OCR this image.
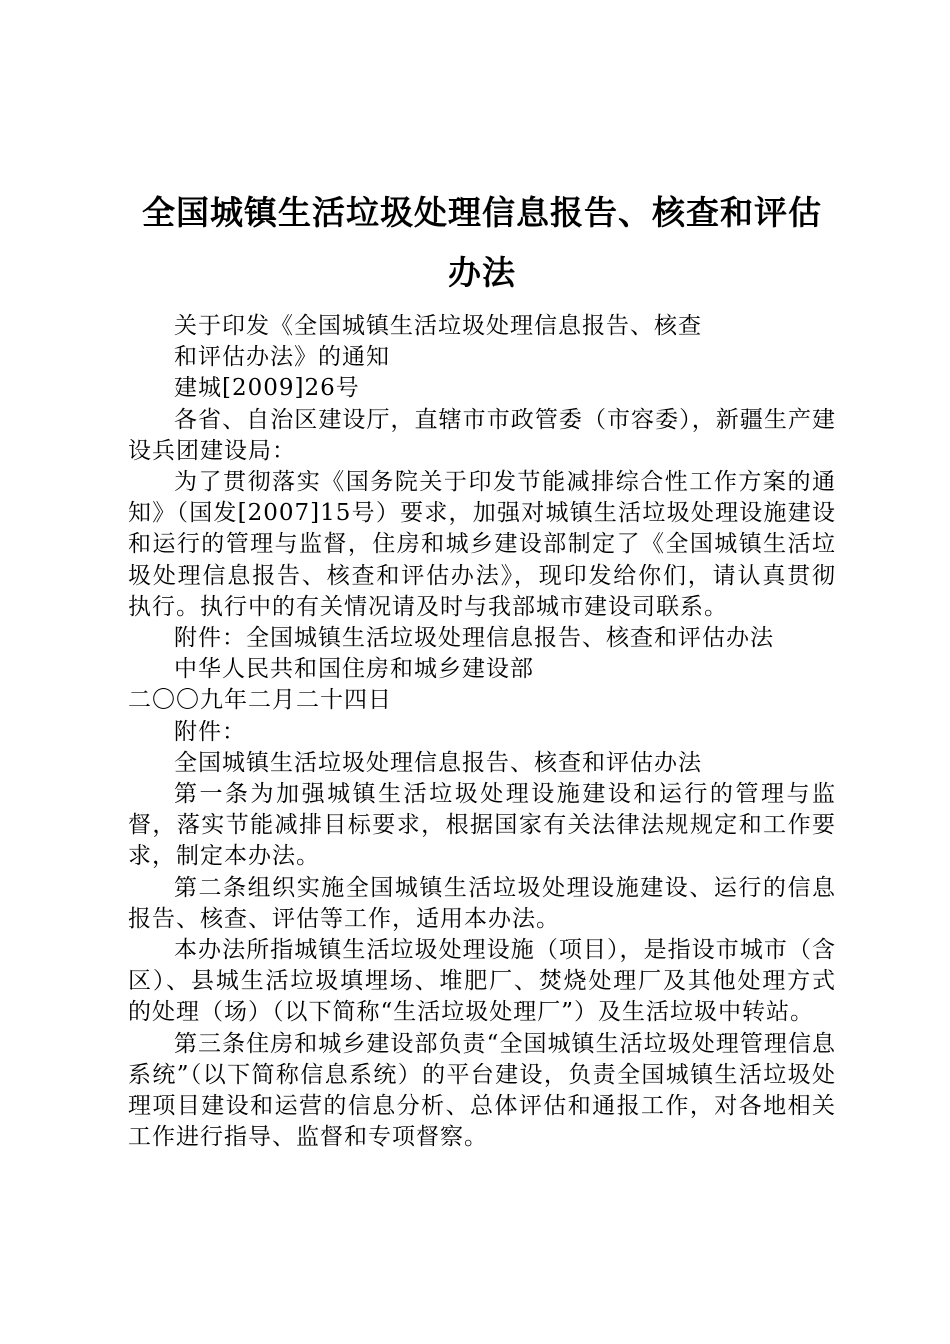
全国城镇生活垃圾处理信息报告、核查和评估办法

关于印发《全国城镇生活垃圾处理信息报告、核查

和评估办法》的通知

建城[2009]26号

各省、自治区建设厅，直辖市市政管委（市容委），新疆生产建设兵团建设局：

为了贯彻落实《国务院关于印发节能减排综合性工作方案的通知》（国发[2007]15号）要求，加强对城镇生活垃圾处理设施建设和运行的管理与监督，住房和城乡建设部制定了《全国城镇生活垃圾处理信息报告、核查和评估办法》，现印发给你们，请认真贯彻执行。执行中的有关情况请及时与我部城市建设司联系。

附件：全国城镇生活垃圾处理信息报告、核查和评估办法

中华人民共和国住房和城乡建设部

二〇〇九年二月二十四日

附件：

全国城镇生活垃圾处理信息报告、核查和评估办法

第一条为加强城镇生活垃圾处理设施建设和运行的管理与监督，落实节能减排目标要求，根据国家有关法律法规规定和工作要求，制定本办法。

第二条组织实施全国城镇生活垃圾处理设施建设、运行的信息报告、核查、评估等工作，适用本办法。

本办法所指城镇生活垃圾处理设施（项目），是指设市城市（含区）、县城生活垃圾填埋场、堆肥厂、焚烧处理厂及其他处理方式的处理（场）（以下简称“生活垃圾处理厂”）及生活垃圾中转站。

第三条住房和城乡建设部负责“全国城镇生活垃圾处理管理信息系统”（以下简称信息系统）的平台建设，负责全国城镇生活垃圾处理项目建设和运营的信息分析、总体评估和通报工作，对各地相关工作进行指导、监督和专项督察。
